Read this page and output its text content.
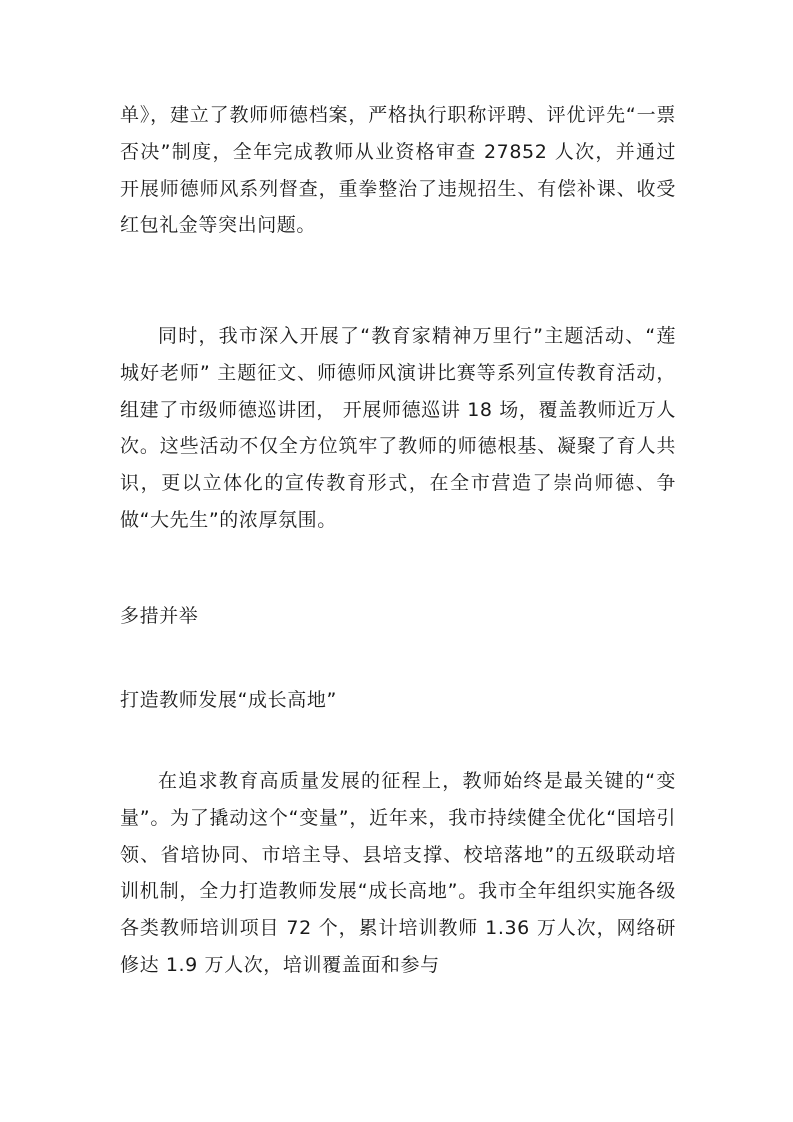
单》，建立了教师师德档案，严格执行职称评聘、评优评先“一票否决”制度，全年完成教师从业资格审查 27852 人次，并通过开展师德师风系列督查，重拳整治了违规招生、有偿补课、收受红包礼金等突出问题。

同时，我市深入开展了“教育家精神万里行”主题活动、“莲城好老师” 主题征文、师德师风演讲比赛等系列宣传教育活动，组建了市级师德巡讲团， 开展师德巡讲 18 场，覆盖教师近万人次。这些活动不仅全方位筑牢了教师的师德根基、凝聚了育人共识，更以立体化的宣传教育形式，在全市营造了崇尚师德、争做“大先生”的浓厚氛围。

多措并举

打造教师发展“成长高地”

在追求教育高质量发展的征程上，教师始终是最关键的“变量”。为了撬动这个“变量”，近年来，我市持续健全优化“国培引领、省培协同、市培主导、县培支撑、校培落地”的五级联动培训机制，全力打造教师发展“成长高地”。我市全年组织实施各级各类教师培训项目 72 个，累计培训教师 1.36 万人次，网络研修达 1.9 万人次，培训覆盖面和参与
